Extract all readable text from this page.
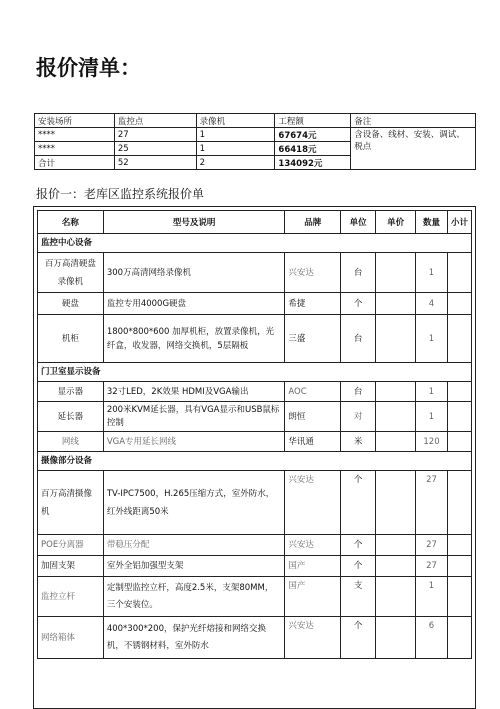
报价清单：
安装场所	监控点	录像机	工程额	备注
****	27	1	67674元	含设备、线材、安装、调试、税点
****	25	1	66418元	
合计	52	2	134092元	
报价一：老库区监控系统报价单
名称	型号及说明	品牌	单位	单价	数量	小计
监控中心设备						
百万高清硬盘录像机	300万高清网络录像机	兴安达	台		1	
硬盘	监控专用4000G硬盘	希捷	个		4	
机柜	1800*800*600 加厚机柜，放置录像机，光纤盒，收发器，网络交换机，5层隔板	三盛	台		1	
门卫室显示设备						
显示器	32寸LED，2K效果 HDMI及VGA输出	AOC	台		1	
延长器	200米KVM延长器，具有VGA显示和USB鼠标控制	朗恒	对		1	
网线	VGA专用延长网线	华讯通	米		120	
摄像部分设备						
百万高清摄像机	TV-IPC7500，H.265压缩方式，室外防水，红外线距离50米	兴安达	个		27	
POE分离器	带稳压分配	兴安达	个		27	
加固支架	室外全铝加强型支架	国产	个		27	
监控立杆	定制型监控立杆，高度2.5米，支架80MM，三个安装位。	国产	支		1	
网络箱体	400*300*200，保护光纤熔接和网络交换机，不锈钢材料，室外防水	兴安达	个		6	
